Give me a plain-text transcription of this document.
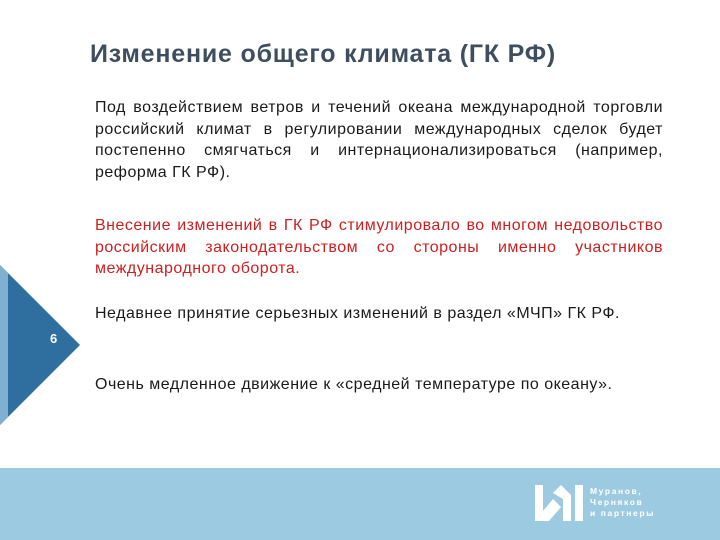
Изменение общего климата (ГК РФ)
Под воздействием ветров и течений океана международной торговли российский климат в регулировании международных сделок будет постепенно смягчаться и интернационализироваться (например, реформа ГК РФ).
Внесение изменений в ГК РФ стимулировало во многом недовольство российским законодательством со стороны именно участников международного оборота.
Недавнее принятие серьезных изменений в раздел «МЧП» ГК РФ.
Очень медленное движение к «средней температуре по океану».
6
Муранов,
Черняков
и партнеры
